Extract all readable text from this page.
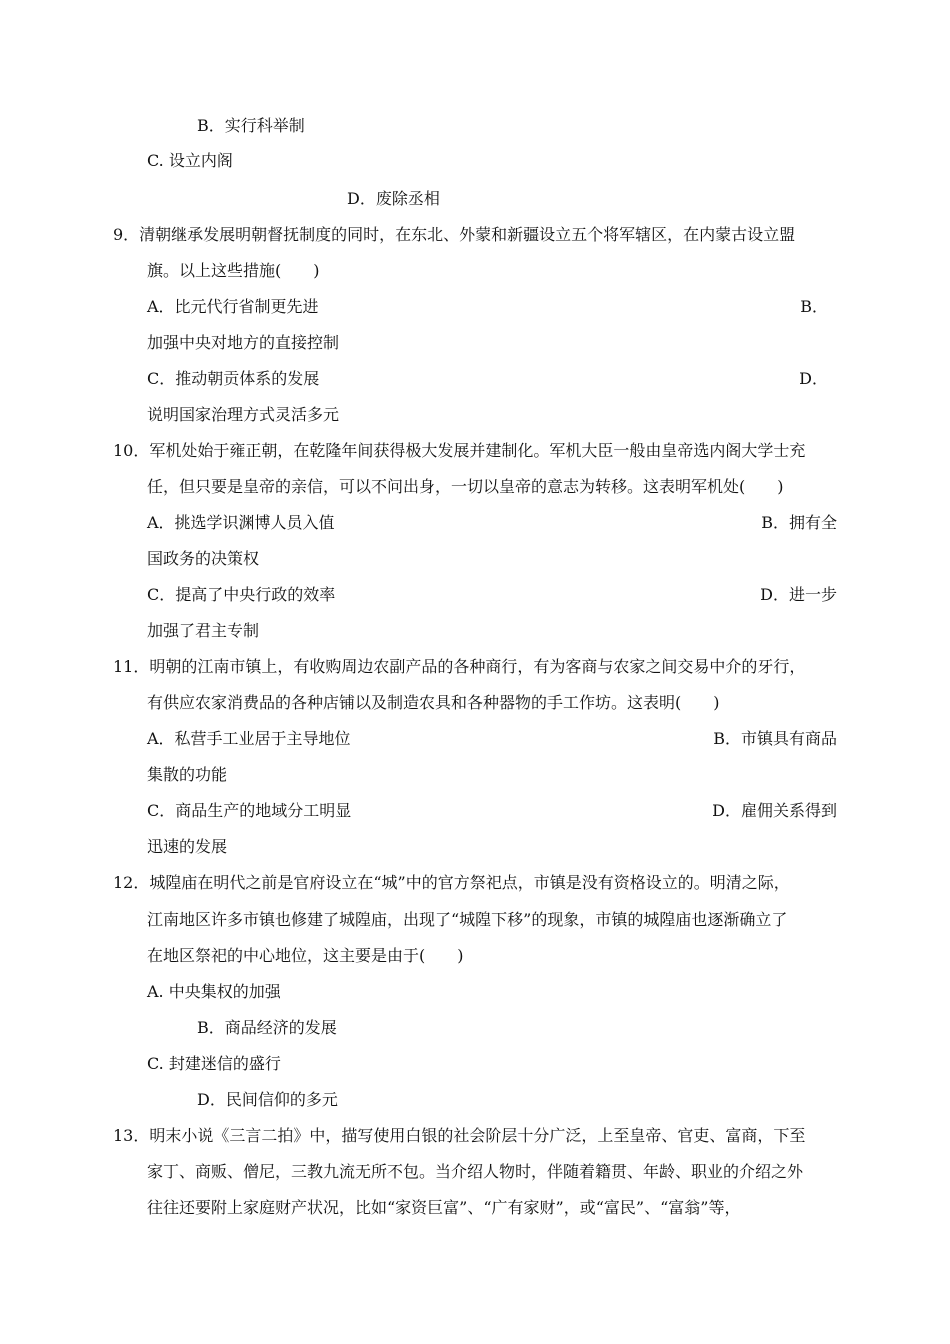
B．实行科举制
C. 设立内阁
D．废除丞相
9．清朝继承发展明朝督抚制度的同时，在东北、外蒙和新疆设立五个将军辖区，在内蒙古设立盟
旗。以上这些措施(　　)
A．比元代行省制更先进	B．
加强中央对地方的直接控制
C．推动朝贡体系的发展	D．
说明国家治理方式灵活多元
10．军机处始于雍正朝，在乾隆年间获得极大发展并建制化。军机大臣一般由皇帝选内阁大学士充
任，但只要是皇帝的亲信，可以不问出身，一切以皇帝的意志为转移。这表明军机处(　　)
A．挑选学识渊博人员入值	B．拥有全
国政务的决策权
C．提高了中央行政的效率	D．进一步
加强了君主专制
11．明朝的江南市镇上，有收购周边农副产品的各种商行，有为客商与农家之间交易中介的牙行，
有供应农家消费品的各种店铺以及制造农具和各种器物的手工作坊。这表明(　　)
A．私营手工业居于主导地位	B．市镇具有商品
集散的功能
C．商品生产的地域分工明显	D．雇佣关系得到
迅速的发展
12．城隍庙在明代之前是官府设立在“城”中的官方祭祀点，市镇是没有资格设立的。明清之际，
江南地区许多市镇也修建了城隍庙，出现了“城隍下移”的现象，市镇的城隍庙也逐渐确立了
在地区祭祀的中心地位，这主要是由于(　　)
A. 中央集权的加强
B．商品经济的发展
C. 封建迷信的盛行
D．民间信仰的多元
13．明末小说《三言二拍》中，描写使用白银的社会阶层十分广泛，上至皇帝、官吏、富商，下至
家丁、商贩、僧尼，三教九流无所不包。当介绍人物时，伴随着籍贯、年龄、职业的介绍之外
往往还要附上家庭财产状况，比如“家资巨富”、“广有家财”，或“富民”、“富翁”等，
